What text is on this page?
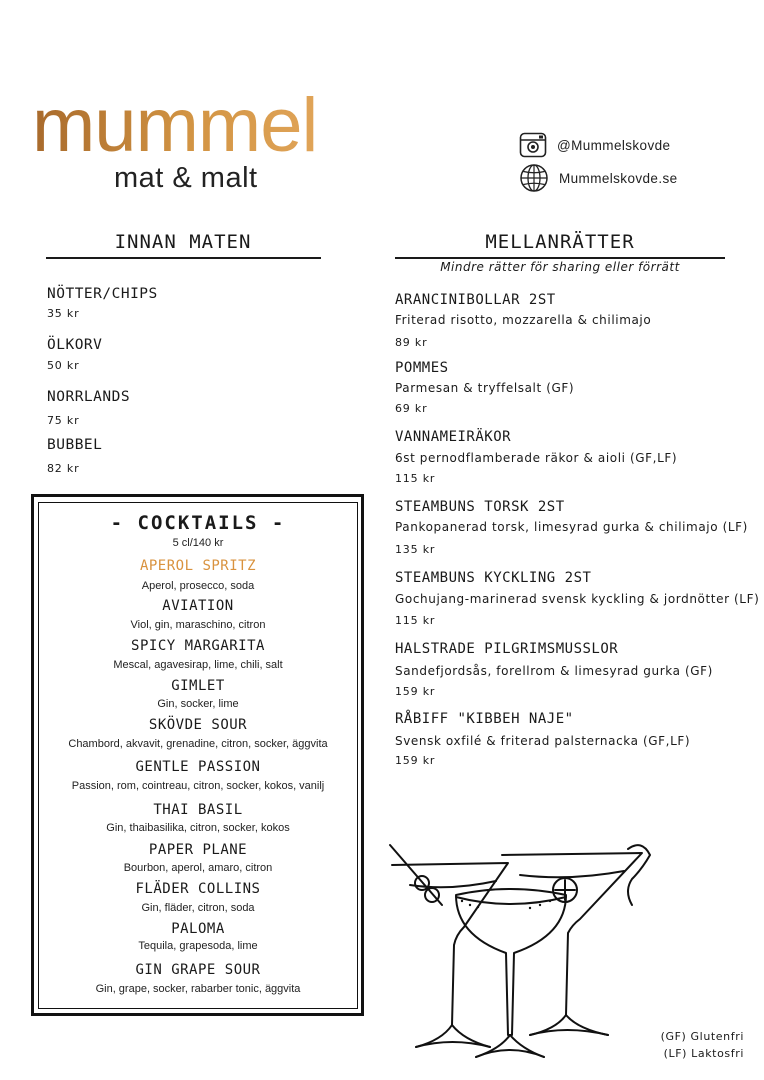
mummel
mat & malt
@Mummelskovde
Mummelskovde.se
INNAN MATEN
NÖTTER/CHIPS
35 kr
ÖLKORV
50 kr
NORRLANDS
75 kr
BUBBEL
82 kr
- COCKTAILS -
5 cl/140 kr
APEROL SPRITZ
Aperol, prosecco, soda
AVIATION
Viol, gin, maraschino, citron
SPICY MARGARITA
Mescal, agavesirap, lime, chili, salt
GIMLET
Gin, socker, lime
SKÖVDE SOUR
Chambord, akvavit, grenadine, citron, socker, äggvita
GENTLE PASSION
Passion, rom, cointreau, citron, socker, kokos, vanilj
THAI BASIL
Gin, thaibasilika, citron, socker, kokos
PAPER PLANE
Bourbon, aperol, amaro, citron
FLÄDER COLLINS
Gin, fläder, citron, soda
PALOMA
Tequila, grapesoda, lime
GIN GRAPE SOUR
Gin, grape, socker, rabarber tonic, äggvita
MELLANRÄTTER
Mindre rätter för sharing eller förrätt
ARANCINIBOLLAR 2ST
Friterad risotto, mozzarella & chilimajo
89 kr
POMMES
Parmesan & tryffelsalt (GF)
69 kr
VANNAMEIRÄKOR
6st pernodflamberade räkor & aioli (GF,LF)
115 kr
STEAMBUNS TORSK 2ST
Pankopanerad torsk, limesyrad gurka & chilimajo (LF)
135 kr
STEAMBUNS KYCKLING 2ST
Gochujang-marinerad svensk kyckling & jordnötter (LF)
115 kr
HALSTRADE PILGRIMSMUSSLOR
Sandefjordsås, forellrom & limesyrad gurka (GF)
159 kr
RÅBIFF "KIBBEH NAJE"
Svensk oxfilé & friterad palsternacka (GF,LF)
159 kr
(GF) Glutenfri
(LF) Laktosfri
